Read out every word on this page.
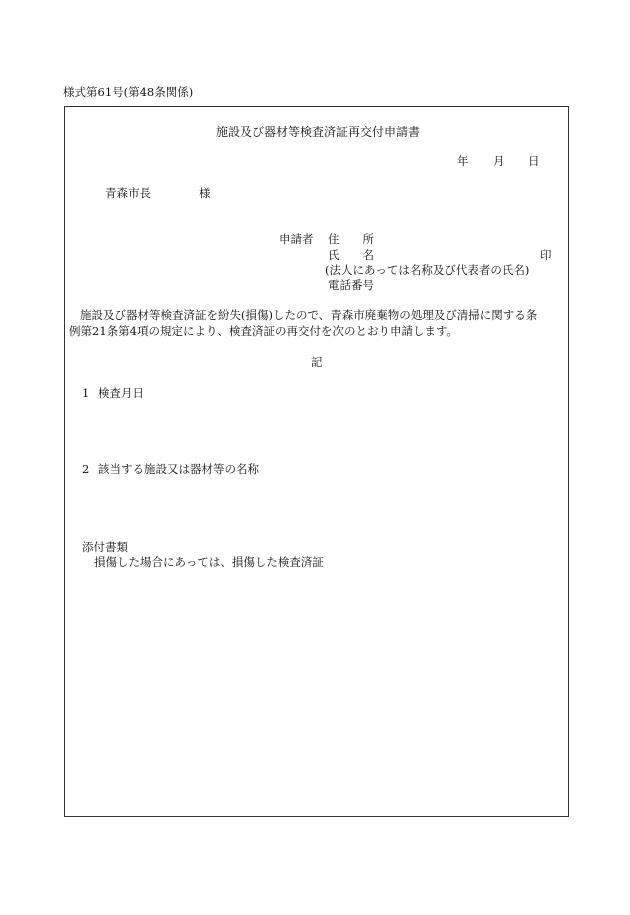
様式第61号(第48条関係)
施設及び器材等検査済証再交付申請書
年 月 日
青森市長	様
申請者 住　　所
氏　　名	印
(法人にあっては名称及び代表者の氏名)
電話番号
施設及び器材等検査済証を紛失(損傷)したので、青森市廃棄物の処理及び清掃に関する条
例第21条第4項の規定により、検査済証の再交付を次のとおり申請します。
記
1 検査月日
2 該当する施設又は器材等の名称
添付書類
損傷した場合にあっては、損傷した検査済証
